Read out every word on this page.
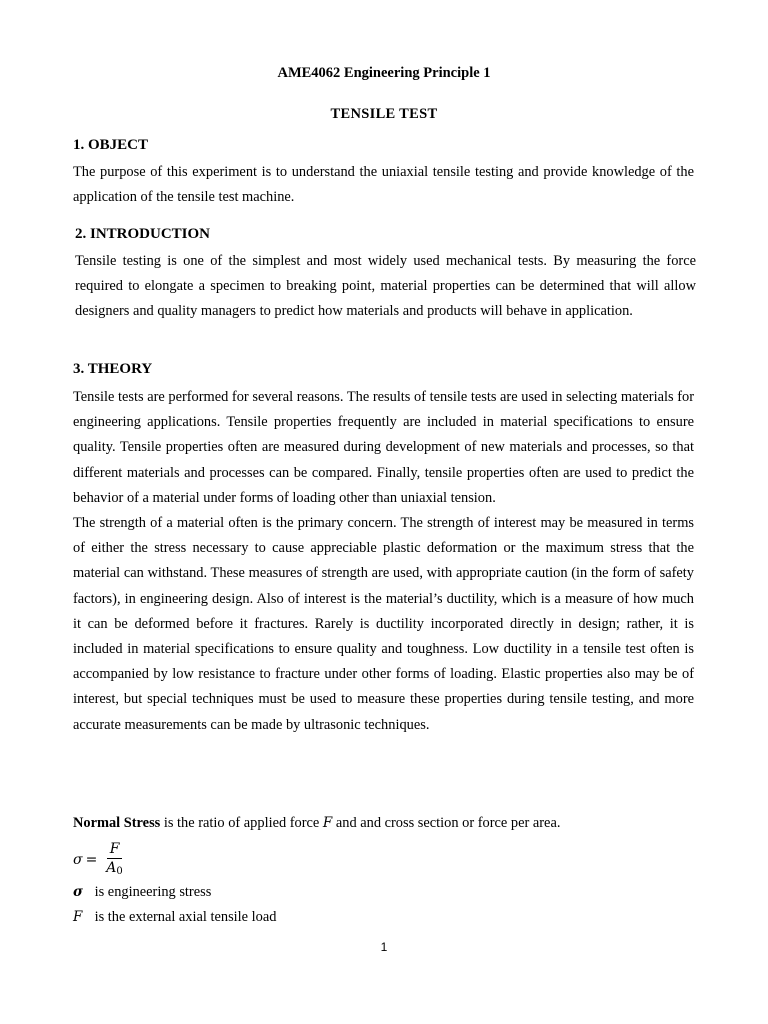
AME4062 Engineering Principle 1
TENSILE TEST
1. OBJECT

The purpose of this experiment is to understand the uniaxial tensile testing and provide knowledge of the application of the tensile test machine.

2. INTRODUCTION

Tensile testing is one of the simplest and most widely used mechanical tests. By measuring the force required to elongate a specimen to breaking point, material properties can be determined that will allow designers and quality managers to predict how materials and products will behave in application.

3. THEORY

Tensile tests are performed for several reasons. The results of tensile tests are used in selecting materials for engineering applications. Tensile properties frequently are included in material specifications to ensure quality. Tensile properties often are measured during development of new materials and processes, so that different materials and processes can be compared. Finally, tensile properties often are used to predict the behavior of a material under forms of loading other than uniaxial tension.

The strength of a material often is the primary concern. The strength of interest may be measured in terms of either the stress necessary to cause appreciable plastic deformation or the maximum stress that the material can withstand. These measures of strength are used, with appropriate caution (in the form of safety factors), in engineering design. Also of interest is the material’s ductility, which is a measure of how much it can be deformed before it fractures. Rarely is ductility incorporated directly in design; rather, it is included in material specifications to ensure quality and toughness. Low ductility in a tensile test often is accompanied by low resistance to fracture under other forms of loading. Elastic properties also may be of interest, but special techniques must be used to measure these properties during tensile testing, and more accurate measurements can be made by ultrasonic techniques.

Normal Stress is the ratio of applied force F and and cross section or force per area.
$\sigma = \frac{F}{A_0}$
σ is engineering stress
F is the external axial tensile load
1
